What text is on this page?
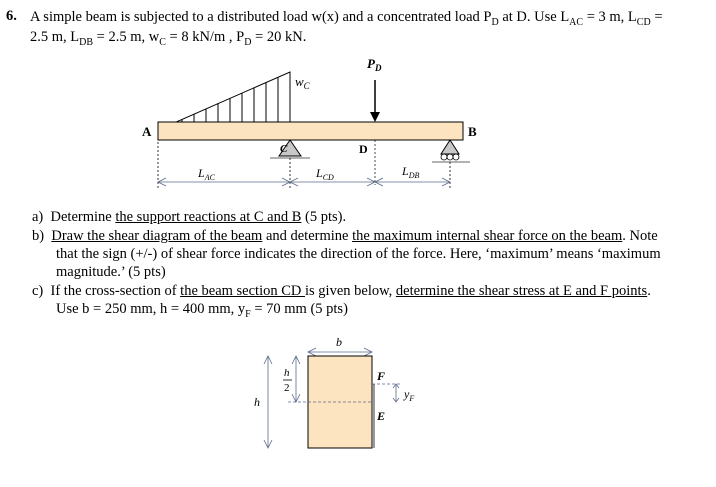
6. A simple beam is subjected to a distributed load w(x) and a concentrated load $P_D$ at D. Use $L_{AC} = 3$ m, $L_{CD}$ =
2.5 m, $L_{DB} = 2.5$ m, $w_C = 8$ kN/m , $P_D = 20$ kN.
$w_C$
$P_D$
A	B
C	D
$L_{AC}$	$L_{CD}$	$L_{DB}$
a) Determine the support reactions at C and B (5 pts).
b) Draw the shear diagram of the beam and determine the maximum internal shear force on the beam. Note
that the sign (+/-) of shear force indicates the direction of the force. Here, ‘maximum’ means ‘maximum
magnitude.’ (5 pts)
c) If the cross-section of the beam section CD is given below, determine the shear stress at E and F points.
Use b = 250 mm, h = 400 mm, $y_F = 70$ mm (5 pts)
b
h
h
2
F
E
$y_F$
